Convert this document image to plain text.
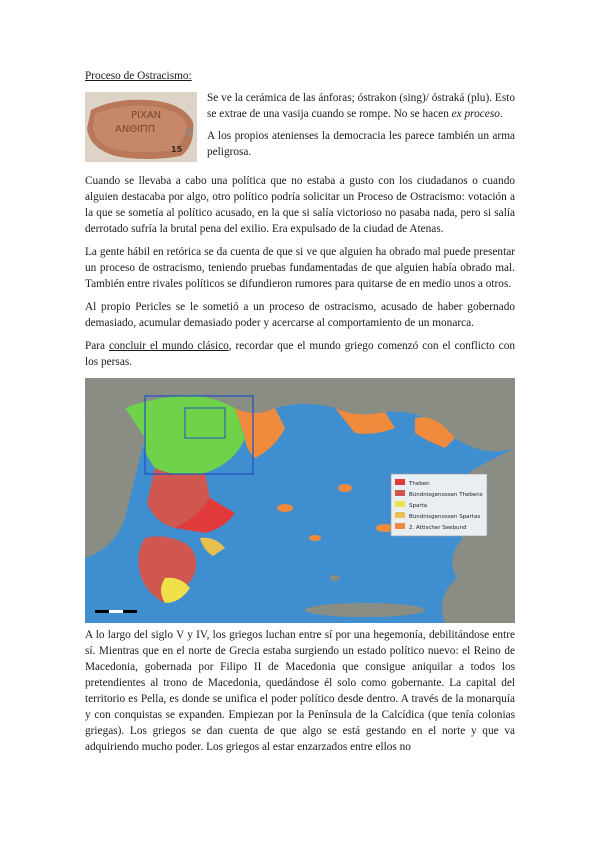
Proceso de Ostracismo:

ΡΙΧΑΝ
ΑΝΘΙΠΠ
15

Se ve la cerámica de las ánforas; óstrakon (sing)/ óstraká (plu). Esto se extrae de una vasija cuando se rompe. No se hacen ex proceso.

A los propios atenienses la democracia les parece también un arma peligrosa.

Cuando se llevaba a cabo una política que no estaba a gusto con los ciudadanos o cuando alguien destacaba por algo, otro político podría solicitar un Proceso de Ostracismo: votación a la que se sometía al político acusado, en la que si salía victorioso no pasaba nada, pero si salía derrotado sufría la brutal pena del exilio. Era expulsado de la ciudad de Atenas.

La gente hábil en retórica se da cuenta de que si ve que alguien ha obrado mal puede presentar un proceso de ostracismo, teniendo pruebas fundamentadas de que alguien había obrado mal. También entre rivales políticos se difundieron rumores para quitarse de en medio unos a otros.

Al propio Pericles se le sometió a un proceso de ostracismo, acusado de haber gobernado demasiado, acumular demasiado poder y acercarse al comportamiento de un monarca.

Para concluir el mundo clásico, recordar que el mundo griego comenzó con el conflicto con los persas.

Theben
Bündnisgenossen Thebens
Sparta
Bündnisgenossen Spartas
2. Attischer Seebund

A lo largo del siglo V y IV, los griegos luchan entre sí por una hegemonía, debilitándose entre sí. Mientras que en el norte de Grecia estaba surgiendo un estado político nuevo: el Reino de Macedonia, gobernada por Filipo II de Macedonia que consigue aniquilar a todos los pretendientes al trono de Macedonia, quedándose él solo como gobernante. La capital del territorio es Pella, es donde se unifica el poder político desde dentro. A través de la monarquía y con conquistas se expanden. Empiezan por la Península de la Calcídica (que tenía colonias griegas). Los griegos se dan cuenta de que algo se está gestando en el norte y que va adquiriendo mucho poder. Los griegos al estar enzarzados entre ellos no
